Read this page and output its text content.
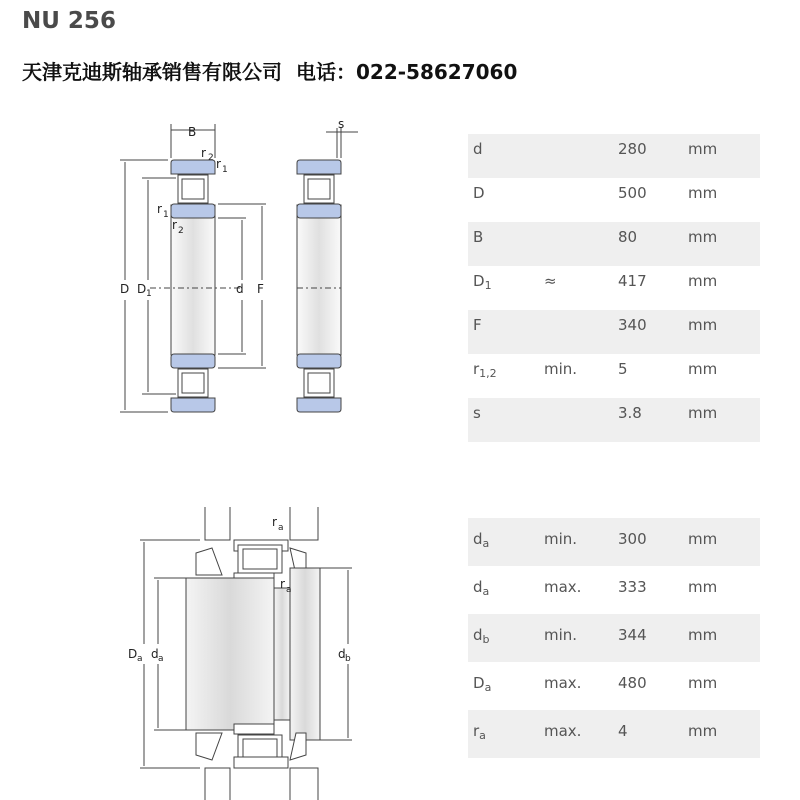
NU 256
天津克迪斯轴承销售有限公司 电话：022-58627060
B
r 2 r 1
r 1
r 2
D D 1	d F
s
r a
r a
D a d a	d b
d	280	mm
D	500	mm
B	80	mm
$D_1$	≈	417	mm
F	340	mm
$r_{1,2}$	min.	5	mm
s	3.8	mm
$d_a$	min.	300	mm
$d_a$	max. 333	mm
$d_b$	min.	344	mm
$D_a$	max. 480	mm
$r_a$	max. 4	mm
